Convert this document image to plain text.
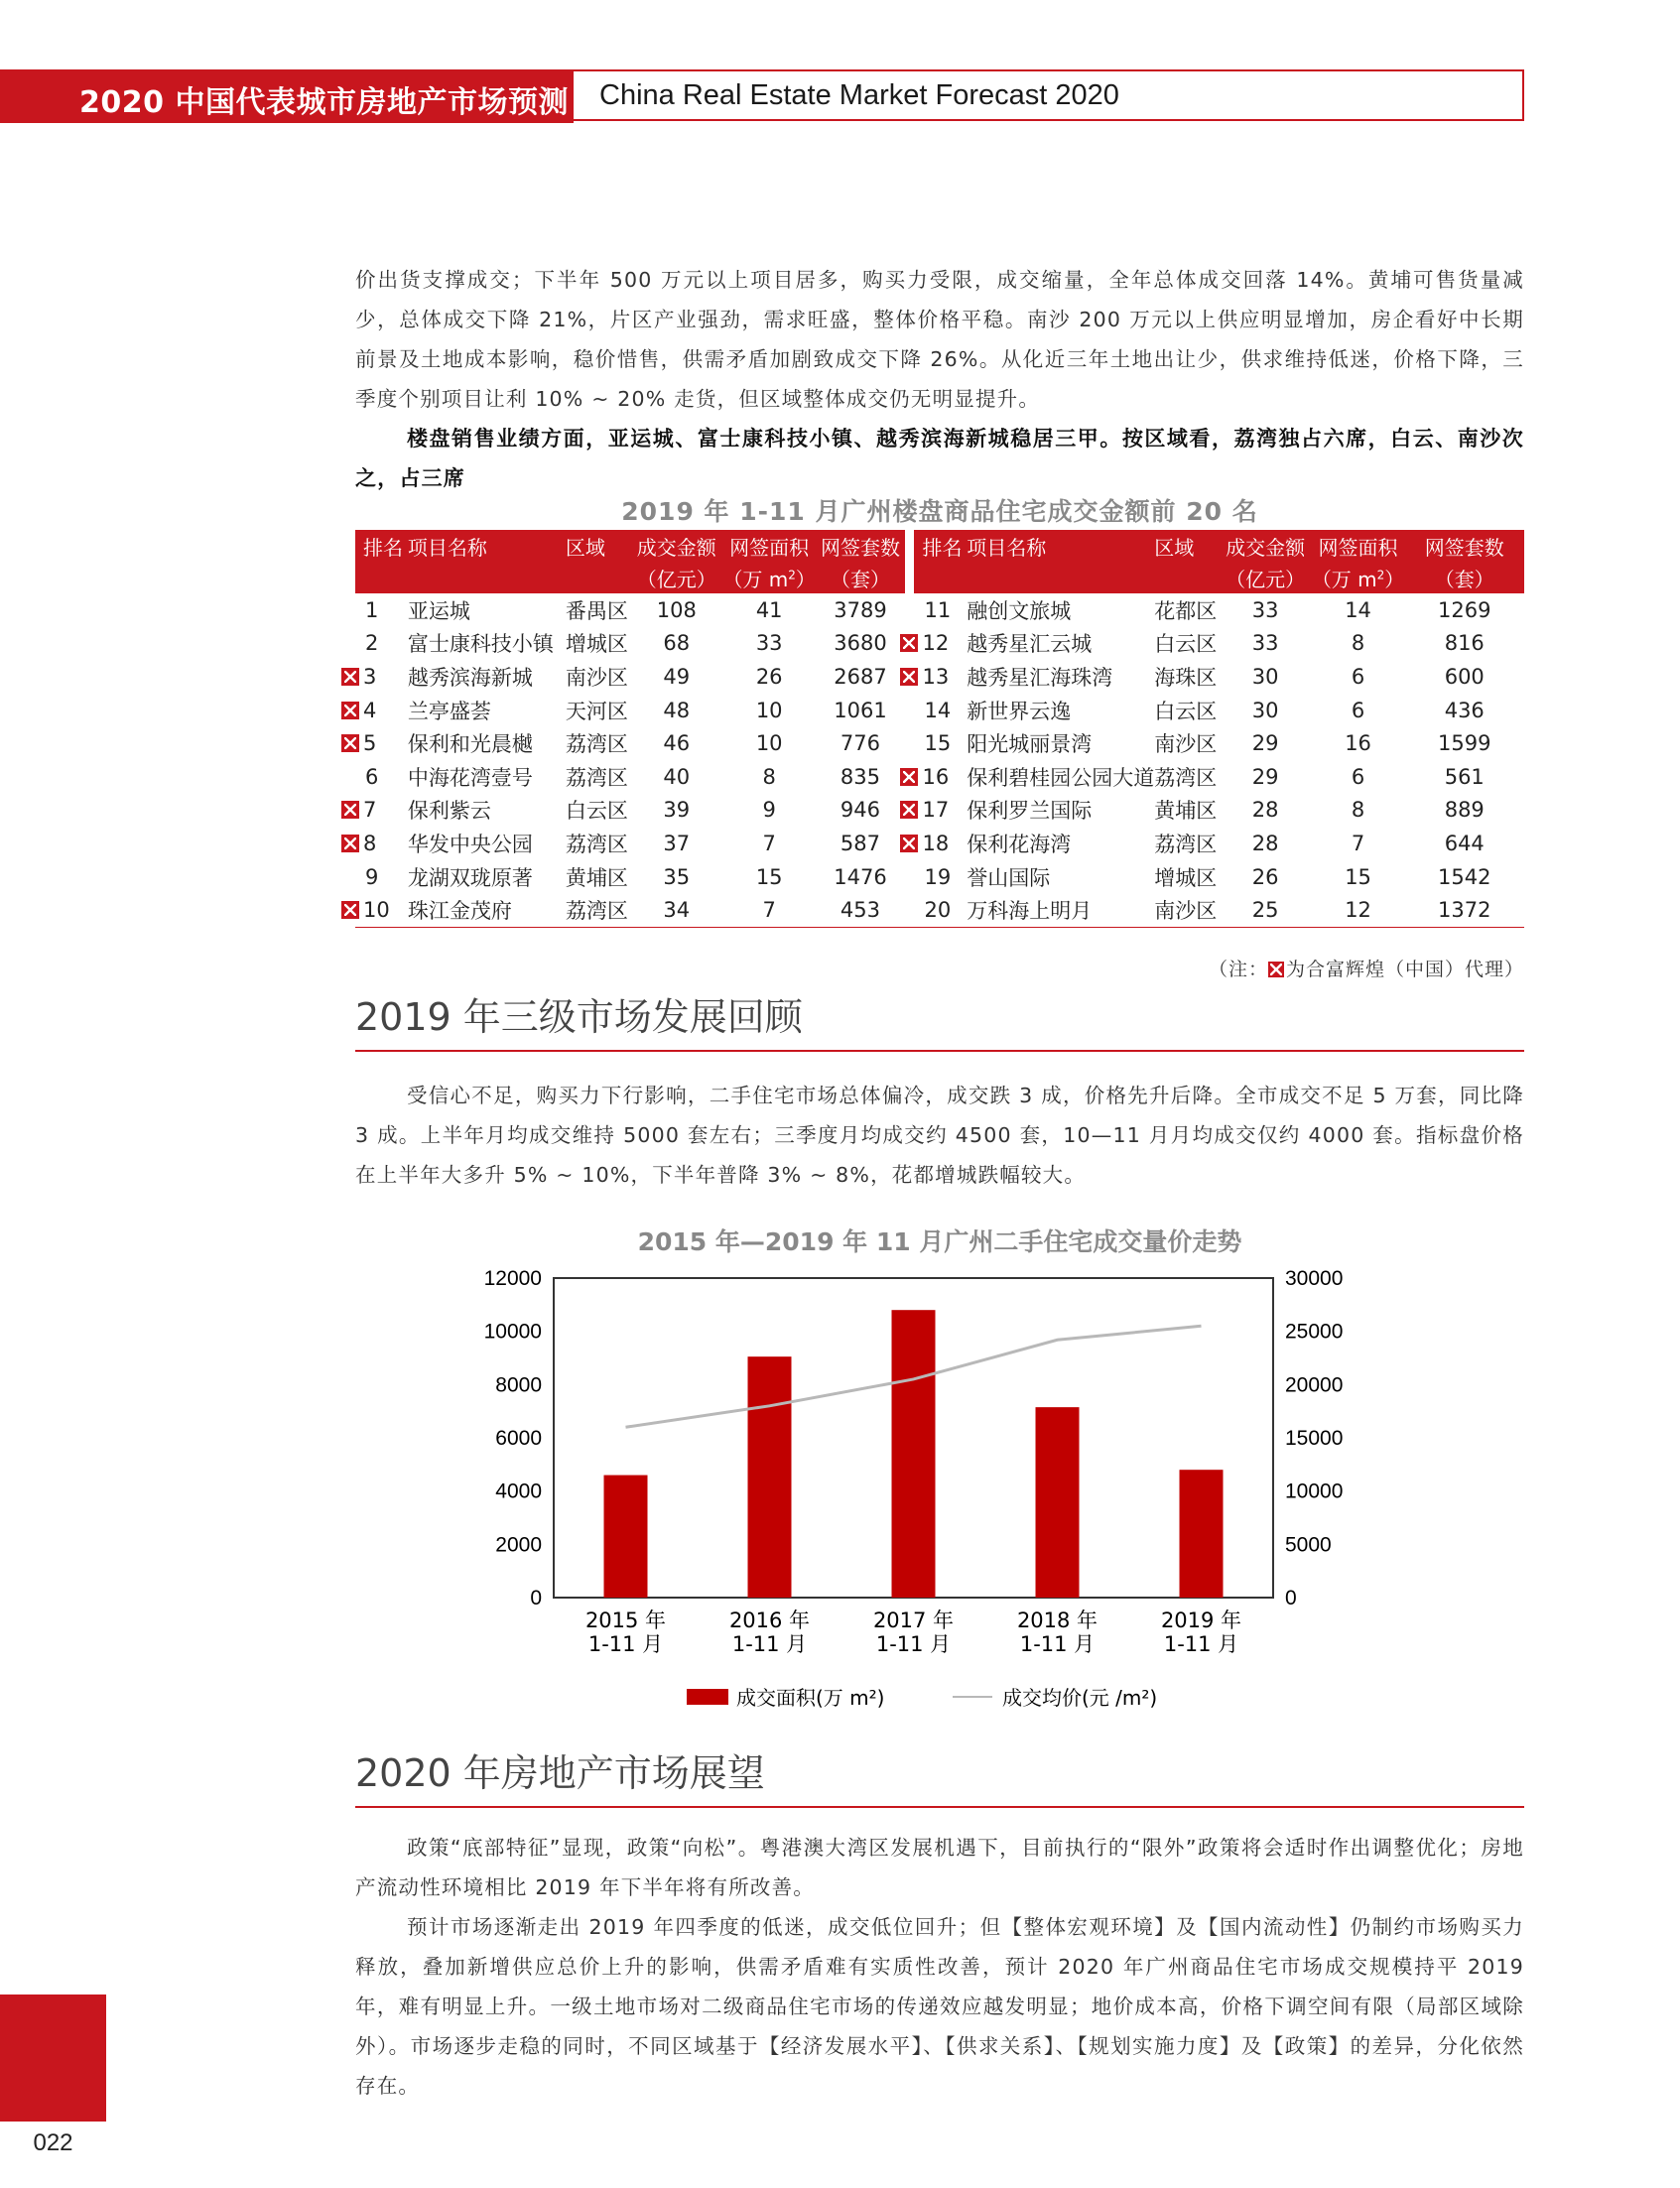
2020 中国代表城市房地产市场预测 China Real Estate Market Forecast 2020

价出货支撑成交；下半年 500 万元以上项目居多，购买力受限，成交缩量，全年总体成交回落 14%。黄埔可售货量减少，总体成交下降 21%，片区产业强劲，需求旺盛，整体价格平稳。南沙 200 万元以上供应明显增加，房企看好中长期前景及土地成本影响，稳价惜售，供需矛盾加剧致成交下降 26%。从化近三年土地出让少，供求维持低迷，价格下降，三季度个别项目让利 10% ~ 20% 走货，但区域整体成交仍无明显提升。

楼盘销售业绩方面，亚运城、富士康科技小镇、越秀滨海新城稳居三甲。按区域看，荔湾独占六席，白云、南沙次之，占三席

2019 年 1-11 月广州楼盘商品住宅成交金额前 20 名
排名	项目名称	区域	成交金额	网签面积	网签套数		排名	项目名称	区域	成交金额	网签面积	网签套数
			（亿元）	（万 $m^2$）	（套）					（亿元）	（万 $m^2$）	（套）
1	亚运城	番禺区	108	41	3789		11	融创文旅城	花都区	33	14	1269
2	富士康科技小镇	增城区	68	33	3680		12	越秀星汇云城	白云区	33	8	816
3	越秀滨海新城	南沙区	49	26	2687		13	越秀星汇海珠湾	海珠区	30	6	600
4	兰亭盛荟	天河区	48	10	1061		14	新世界云逸	白云区	30	6	436
5	保利和光晨樾	荔湾区	46	10	776		15	阳光城丽景湾	南沙区	29	16	1599
6	中海花湾壹号	荔湾区	40	8	835		16	保利碧桂园公园大道	荔湾区	29	6	561
7	保利紫云	白云区	39	9	946		17	保利罗兰国际	黄埔区	28	8	889
8	华发中央公园	荔湾区	37	7	587		18	保利花海湾	荔湾区	28	7	644
9	龙湖双珑原著	黄埔区	35	15	1476		19	誉山国际	增城区	26	15	1542
10	珠江金茂府	荔湾区	34	7	453		20	万科海上明月	南沙区	25	12	1372
（注： 为合富辉煌（中国）代理）
2019 年三级市场发展回顾

受信心不足，购买力下行影响，二手住宅市场总体偏冷，成交跌 3 成，价格先升后降。全市成交不足 5 万套，同比降 3 成。上半年月均成交维持 5000 套左右；三季度月均成交约 4500 套，10—11 月月均成交仅约 4000 套。指标盘价格在上半年大多升 5% ~ 10%，下半年普降 3% ~ 8%，花都增城跌幅较大。

2015 年—2019 年 11 月广州二手住宅成交量价走势
0
2000
4000
6000
8000
10000
12000
0
5000
10000
15000
20000
25000
30000
2015 年 1-11 月
2016 年 1-11 月
2017 年 1-11 月
2018 年 1-11 月
2019 年 1-11 月
成交面积(万 m²)	成交均价(元 /m²)
2020 年房地产市场展望

政策“底部特征”显现，政策“向松”。粤港澳大湾区发展机遇下，目前执行的“限外”政策将会适时作出调整优化；房地产流动性环境相比 2019 年下半年将有所改善。

预计市场逐渐走出 2019 年四季度的低迷，成交低位回升；但【整体宏观环境】及【国内流动性】仍制约市场购买力释放，叠加新增供应总价上升的影响，供需矛盾难有实质性改善，预计 2020 年广州商品住宅市场成交规模持平 2019 年，难有明显上升。一级土地市场对二级商品住宅市场的传递效应越发明显；地价成本高，价格下调空间有限（局部区域除外）。市场逐步走稳的同时，不同区域基于【经济发展水平】、【供求关系】、【规划实施力度】及【政策】的差异，分化依然存在。

022
